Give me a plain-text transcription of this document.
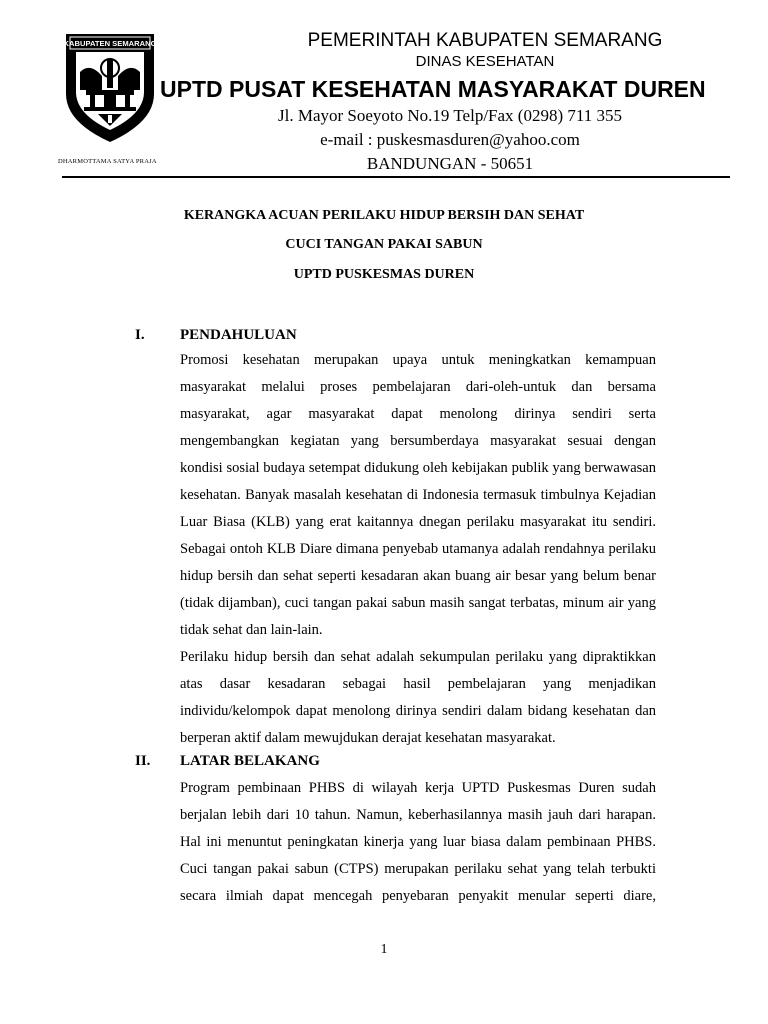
KABUPATEN SEMARANG
DHARMOTTAMA SATYA PRAJA
PEMERINTAH KABUPATEN SEMARANG
DINAS KESEHATAN
UPTD PUSAT KESEHATAN MASYARAKAT DUREN
Jl. Mayor Soeyoto No.19 Telp/Fax (0298) 711 355
e-mail : puskesmasduren@yahoo.com
BANDUNGAN - 50651
KERANGKA ACUAN PERILAKU HIDUP BERSIH DAN SEHAT
CUCI TANGAN PAKAI SABUN
UPTD PUSKESMAS DUREN
I. PENDAHULUAN
Promosi kesehatan merupakan upaya untuk meningkatkan kemampuan masyarakat melalui proses pembelajaran dari-oleh-untuk dan bersama masyarakat, agar masyarakat dapat menolong dirinya sendiri serta mengembangkan kegiatan yang bersumberdaya masyarakat sesuai dengan kondisi sosial budaya setempat didukung oleh kebijakan publik yang berwawasan kesehatan. Banyak masalah kesehatan di Indonesia termasuk timbulnya Kejadian Luar Biasa (KLB) yang erat kaitannya dnegan perilaku masyarakat itu sendiri. Sebagai ontoh KLB Diare dimana penyebab utamanya adalah rendahnya perilaku hidup bersih dan sehat seperti kesadaran akan buang air besar yang belum benar (tidak dijamban), cuci tangan pakai sabun masih sangat terbatas, minum air yang tidak sehat dan lain-lain.
Perilaku hidup bersih dan sehat adalah sekumpulan perilaku yang dipraktikkan atas dasar kesadaran sebagai hasil pembelajaran yang menjadikan individu/kelompok dapat menolong dirinya sendiri dalam bidang kesehatan dan berperan aktif dalam mewujdukan derajat kesehatan masyarakat.
II. LATAR BELAKANG
Program pembinaan PHBS di wilayah kerja UPTD Puskesmas Duren sudah berjalan lebih dari 10 tahun. Namun, keberhasilannya masih jauh dari harapan. Hal ini menuntut peningkatan kinerja yang luar biasa dalam pembinaan PHBS. Cuci tangan pakai sabun (CTPS) merupakan perilaku sehat yang telah terbukti secara ilmiah dapat mencegah penyebaran penyakit menular seperti diare,
1
